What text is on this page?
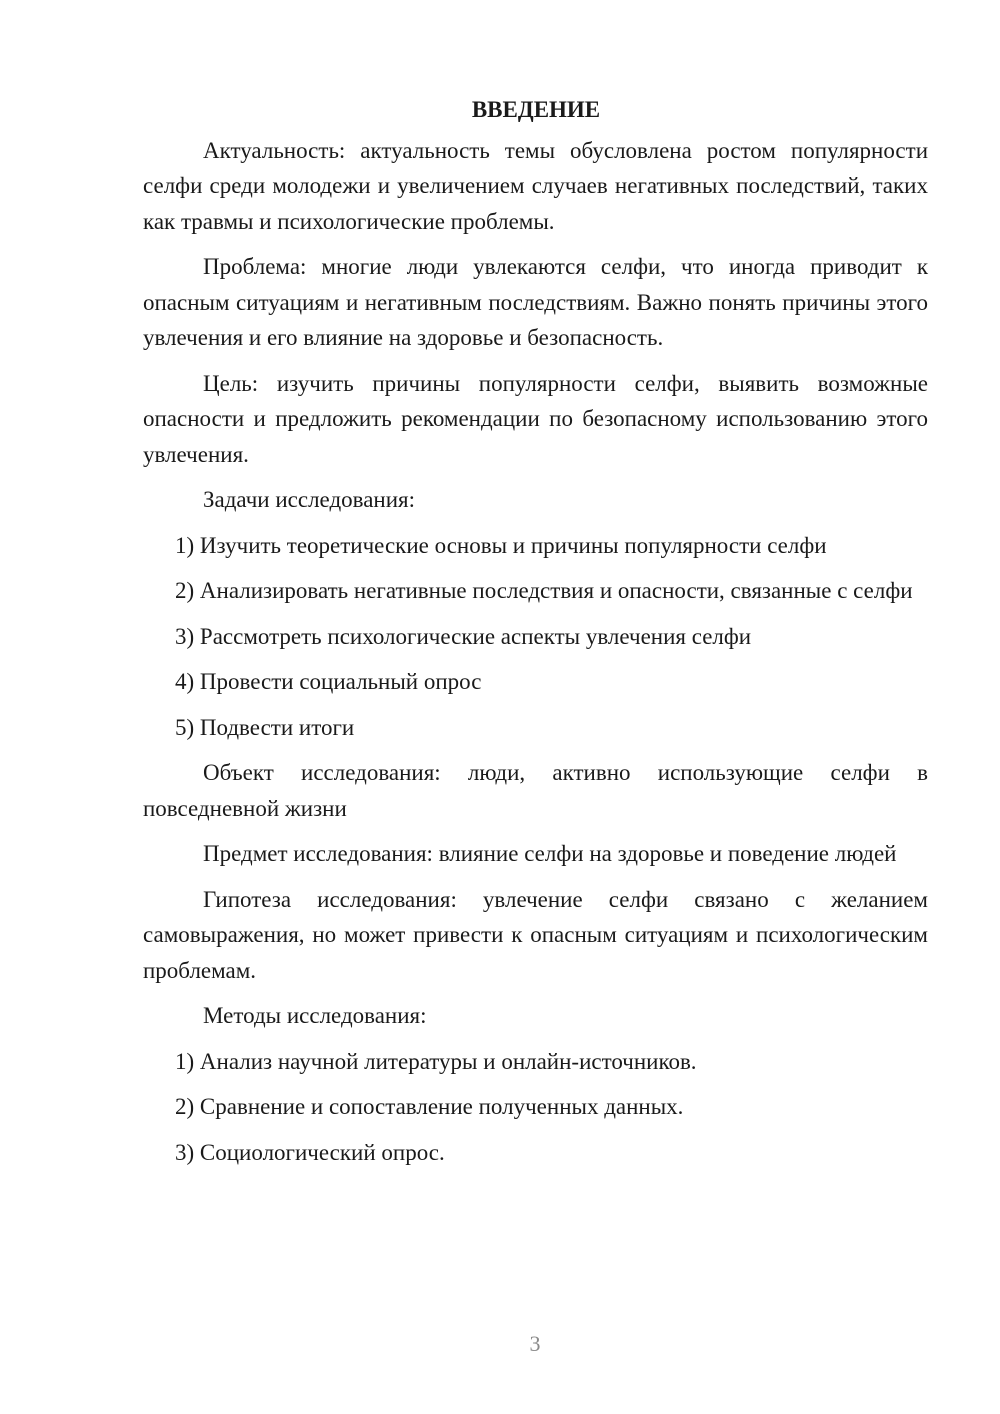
ВВЕДЕНИЕ

Актуальность: актуальность темы обусловлена ростом популярности селфи среди молодежи и увеличением случаев негативных последствий, таких как травмы и психологические проблемы.

Проблема: многие люди увлекаются селфи, что иногда приводит к опасным ситуациям и негативным последствиям. Важно понять причины этого увлечения и его влияние на здоровье и безопасность.

Цель: изучить причины популярности селфи, выявить возможные опасности и предложить рекомендации по безопасному использованию этого увлечения.

Задачи исследования:

1) Изучить теоретические основы и причины популярности селфи

2) Анализировать негативные последствия и опасности, связанные с селфи

3) Рассмотреть психологические аспекты увлечения селфи

4) Провести социальный опрос

5) Подвести итоги

Объект исследования: люди, активно использующие селфи в повседневной жизни

Предмет исследования: влияние селфи на здоровье и поведение людей

Гипотеза исследования: увлечение селфи связано с желанием самовыражения, но может привести к опасным ситуациям и психологическим проблемам.

Методы исследования:

1) Анализ научной литературы и онлайн-источников.

2) Сравнение и сопоставление полученных данных.

3) Социологический опрос.

3
